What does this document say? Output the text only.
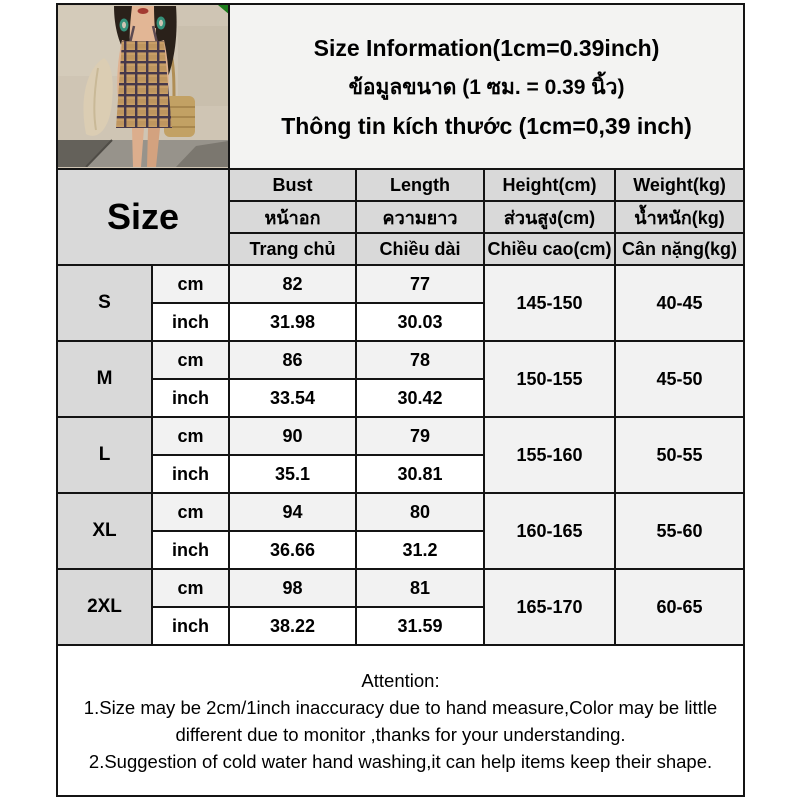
Size Information(1cm=0.39inch)
ข้อมูลขนาด (1 ซม. = 0.39 นิ้ว)
Thông tin kích thước (1cm=0,39 inch)			

Size		Bust	Length	Height(cm)	Weight(kg)
		หน้าอก	ความยาว	ส่วนสูง(cm)	น้ำหนัก(kg)
		Trang chủ	Chiều dài	Chiều cao(cm)	Cân nặng(kg)
S	cm	82	77	145-150	40-45
	inch	31.98	30.03		
M	cm	86	78	150-155	45-50
	inch	33.54	30.42		
L	cm	90	79	155-160	50-55
	inch	35.1	30.81		
XL	cm	94	80	160-165	55-60
	inch	36.66	31.2		
2XL	cm	98	81	165-170	60-65
	inch	38.22	31.59		

Attention:
1.Size may be 2cm/1inch inaccuracy due to hand measure,Color may be little different due to monitor ,thanks for your understanding.
2.Suggestion of cold water hand washing,it can help items keep their shape.					
